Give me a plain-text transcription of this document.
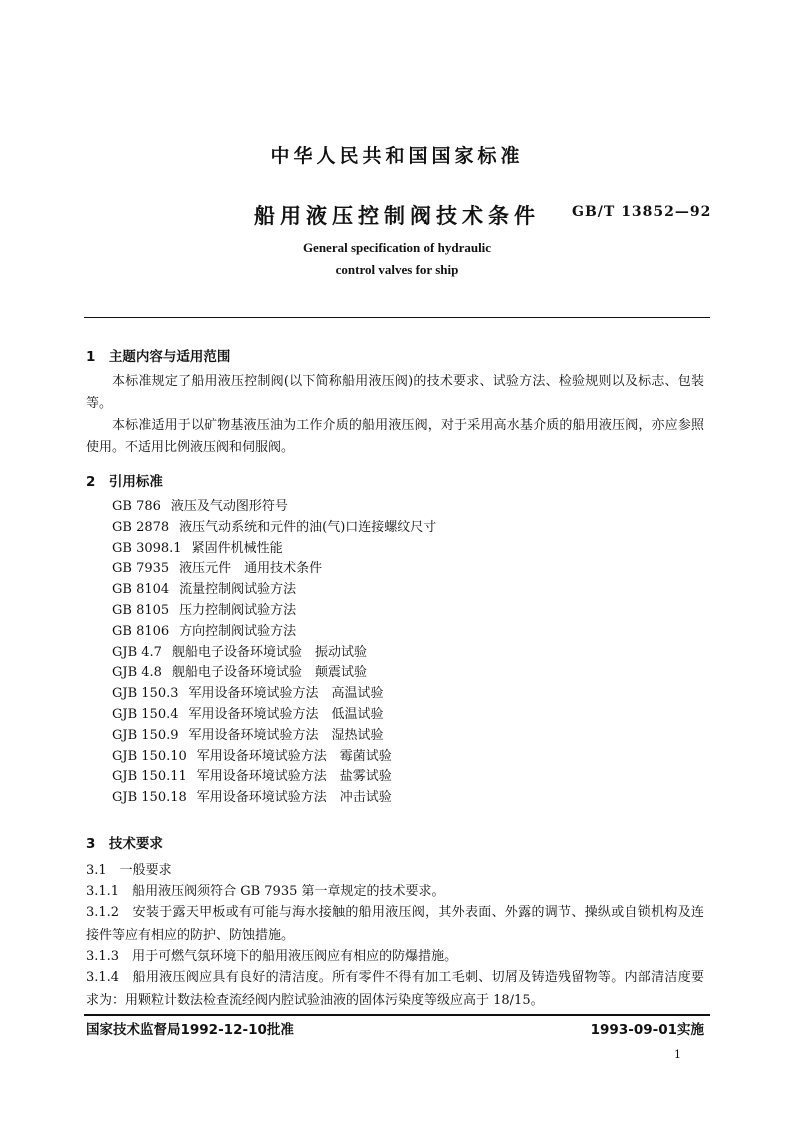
中华人民共和国国家标准
船用液压控制阀技术条件	GB/T 13852—92
General specification of hydraulic
control valves for ship
1　主题内容与适用范围
本标准规定了船用液压控制阀(以下简称船用液压阀)的技术要求、试验方法、检验规则以及标志、包装等。
本标准适用于以矿物基液压油为工作介质的船用液压阀，对于采用高水基介质的船用液压阀，亦应参照使用。不适用比例液压阀和伺服阀。
2　引用标准
GB 786 液压及气动图形符号
GB 2878 液压气动系统和元件的油(气)口连接螺纹尺寸
GB 3098.1 紧固件机械性能
GB 7935 液压元件　通用技术条件
GB 8104 流量控制阀试验方法
GB 8105 压力控制阀试验方法
GB 8106 方向控制阀试验方法
GJB 4.7 舰船电子设备环境试验　振动试验
GJB 4.8 舰船电子设备环境试验　颠震试验
GJB 150.3 军用设备环境试验方法　高温试验
GJB 150.4 军用设备环境试验方法　低温试验
GJB 150.9 军用设备环境试验方法　湿热试验
GJB 150.10 军用设备环境试验方法　霉菌试验
GJB 150.11 军用设备环境试验方法　盐雾试验
GJB 150.18 军用设备环境试验方法　冲击试验
3　技术要求
3.1　一般要求
3.1.1　船用液压阀须符合 GB 7935 第一章规定的技术要求。
3.1.2　安装于露天甲板或有可能与海水接触的船用液压阀，其外表面、外露的调节、操纵或自锁机构及连接件等应有相应的防护、防蚀措施。
3.1.3　用于可燃气氛环境下的船用液压阀应有相应的防爆措施。
3.1.4　船用液压阀应具有良好的清洁度。所有零件不得有加工毛刺、切屑及铸造残留物等。内部清洁度要求为：用颗粒计数法检查流经阀内腔试验油液的固体污染度等级应高于 18/15。
国家技术监督局1992-12-10批准	1993-09-01实施
1
